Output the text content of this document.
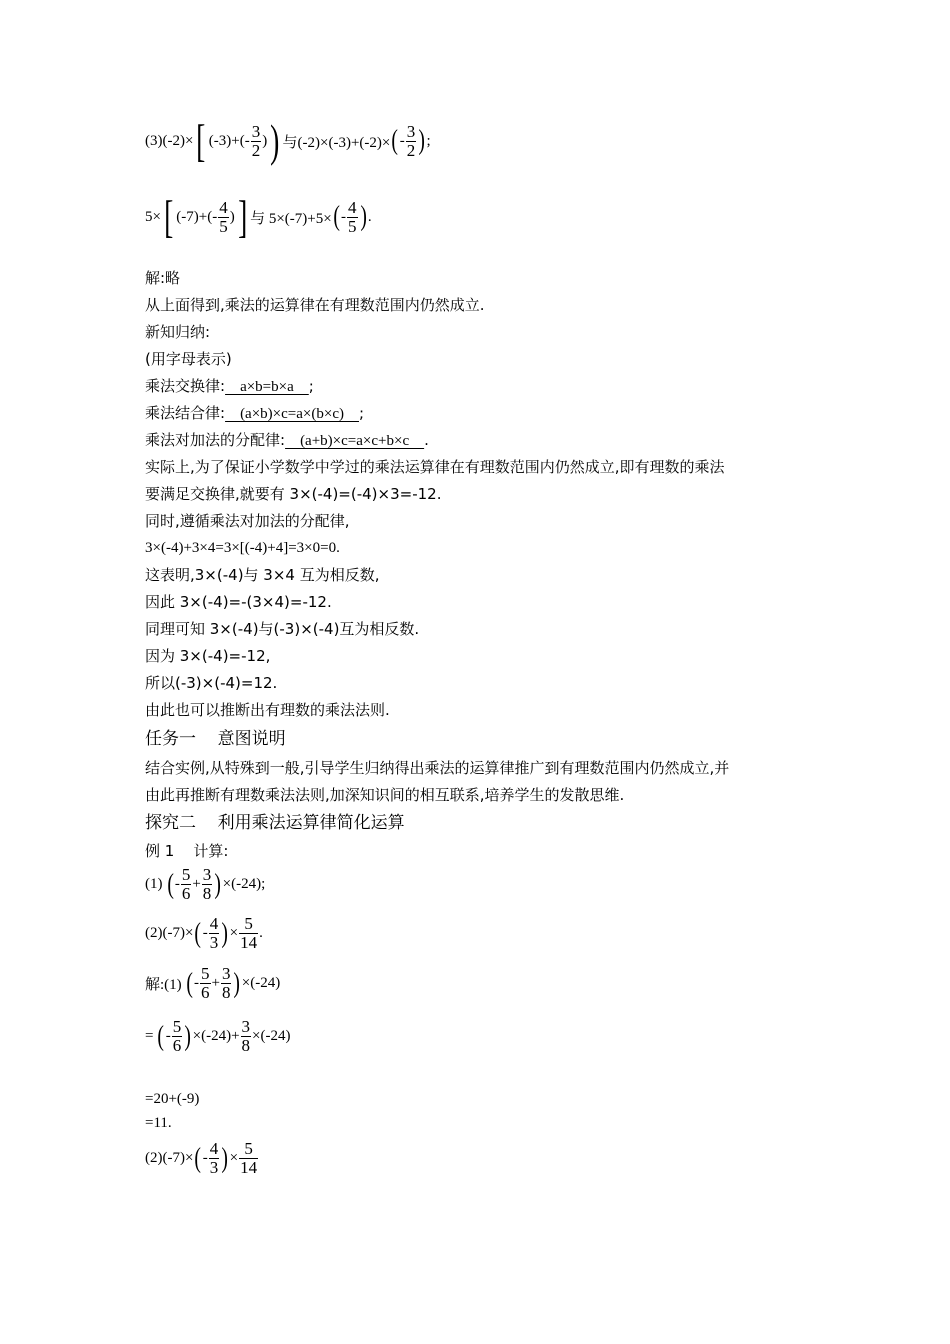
(3)(-2)× [ $(-3)+(- \frac{3}{2}$ ) ) 与(-2)×(-3)+(-2)× ( - $\frac{3}{2}$ ) ;
5× [ $(-7)+(- \frac{4}{5}$ ) ] 与 5×(-7)+5× ( - $\frac{4}{5}$ ) .
解:略
从上面得到,乘法的运算律在有理数范围内仍然成立.
新知归纳:
(用字母表示)
乘法交换律:    a×b=b×a    ;
乘法结合律:    (a×b)×c=a×(b×c)    ;
乘法对加法的分配律:    (a+b)×c=a×c+b×c    .
实际上,为了保证小学数学中学过的乘法运算律在有理数范围内仍然成立,即有理数的乘法
要满足交换律,就要有 3×(-4)=(-4)×3=-12.
同时,遵循乘法对加法的分配律,
3×(-4)+3×4=3×[(-4)+4]=3×0=0.
这表明,3×(-4)与 3×4 互为相反数,
因此 3×(-4)=-(3×4)=-12.
同理可知 3×(-4)与(-3)×(-4)互为相反数.
因为 3×(-4)=-12,
所以(-3)×(-4)=12.
由此也可以推断出有理数的乘法法则.
任务一    意图说明
结合实例,从特殊到一般,引导学生归纳得出乘法的运算律推广到有理数范围内仍然成立,并
由此再推断有理数乘法法则,加深知识间的相互联系,培养学生的发散思维.
探究二    利用乘法运算律简化运算
例 1    计算:
(1) ( - $\frac{5}{6} + \frac{3}{8}$ ) ×(-24);
(2)(-7)× ( - $\frac{4}{3}$ ) × $\frac{5}{14}$ .
解:(1) ( - $\frac{5}{6} + \frac{3}{8}$ ) ×(-24)
= ( - $\frac{5}{6}$ ) $\times(-24)+ \frac{3}{8} \times(-24)$
=20+(-9)
=11.
(2)(-7)× ( - $\frac{4}{3}$ ) × $\frac{5}{14}$
